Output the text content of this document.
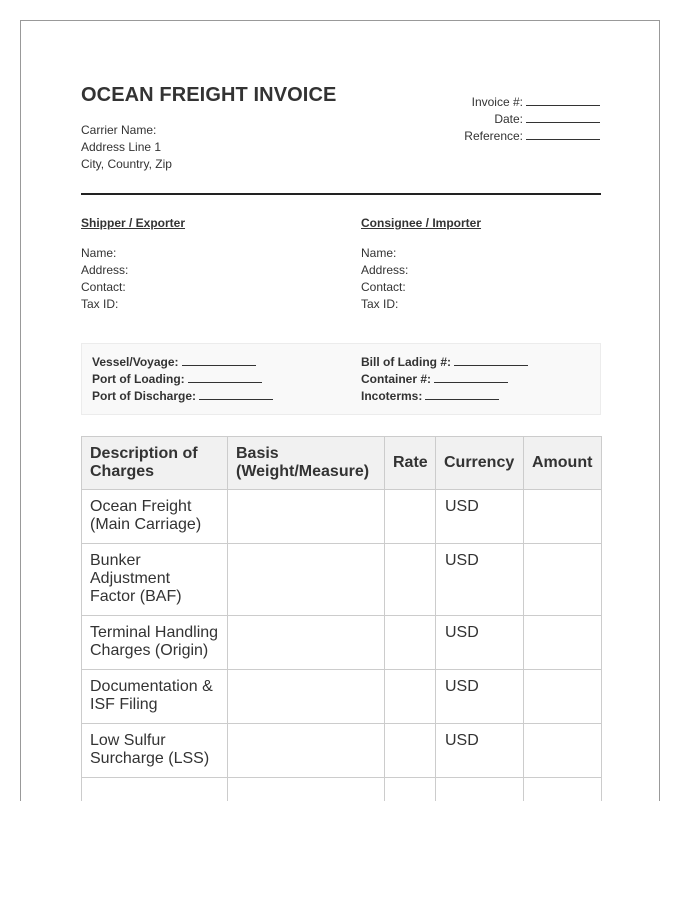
OCEAN FREIGHT INVOICE
Carrier Name:
Address Line 1
City, Country, Zip
Invoice #:
Date:
Reference:
Shipper / Exporter
Name:
Address:
Contact:
Tax ID:
Consignee / Importer
Name:
Address:
Contact:
Tax ID:
Vessel/Voyage:
Port of Loading:
Port of Discharge:
Bill of Lading #:
Container #:
Incoterms:
Description of Charges	Basis (Weight/Measure)	Rate	Currency	Amount
Ocean Freight (Main Carriage)			USD	
Bunker Adjustment Factor (BAF)			USD	
Terminal Handling Charges (Origin)			USD	
Documentation & ISF Filing			USD	
Low Sulfur Surcharge (LSS)			USD	
